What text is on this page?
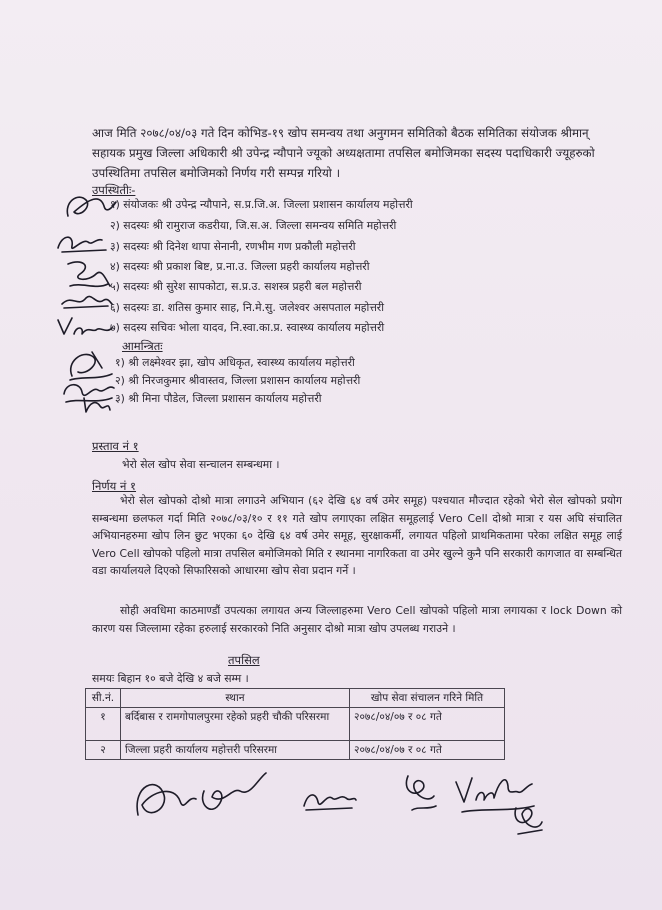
आज मिति २०७८/०४/०३ गते दिन कोभिड-१९ खोप समन्वय तथा अनुगमन समितिको बैठक समितिका संयोजक श्रीमान् सहायक प्रमुख जिल्ला अधिकारी श्री उपेन्द्र न्यौपाने ज्यूको अध्यक्षतामा तपसिल बमोजिमका सदस्य पदाधिकारी ज्यूहरुको उपस्थितिमा तपसिल बमोजिमको निर्णय गरी सम्पन्न गरियो ।
उपस्थितीः-
१) संयोजकः श्री उपेन्द्र न्यौपाने, स.प्र.जि.अ. जिल्ला प्रशासन कार्यालय महोत्तरी
२) सदस्यः श्री रामुराज कडरीया, जि.स.अ. जिल्ला समन्वय समिति महोत्तरी
३) सदस्यः श्री दिनेश थापा सेनानी, रणभीम गण प्रकौली महोत्तरी
४) सदस्यः श्री प्रकाश बिष्ट, प्र.ना.उ. जिल्ला प्रहरी कार्यालय महोत्तरी
५) सदस्यः श्री सुरेश सापकोटा, स.प्र.उ. सशस्त्र प्रहरी बल महोत्तरी
६) सदस्यः डा. शतिस कुमार साह, नि.मे.सु. जलेश्वर असपताल महोत्तरी
७) सदस्य सचिवः भोला यादव, नि.स्वा.का.प्र. स्वास्थ्य कार्यालय महोत्तरी
आमन्त्रितः
१) श्री लक्ष्मेश्वर झा, खोप अधिकृत, स्वास्थ्य कार्यालय महोत्तरी
२) श्री निरजकुमार श्रीवास्तव, जिल्ला प्रशासन कार्यालय महोत्तरी
३) श्री मिना पौडेल, जिल्ला प्रशासन कार्यालय महोत्तरी
प्रस्ताव नं १
भेरो सेल खोप सेवा सन्चालन सम्बन्धमा ।
निर्णय नं १
भेरो सेल खोपको दोश्रो मात्रा लगाउने अभियान (६२ देखि ६४ वर्ष उमेर समूह) पश्चयात मौज्दात रहेको भेरो सेल खोपको प्रयोग सम्बन्धमा छलफल गर्दा मिति २०७८/०३/१० र ११ गते खोप लगाएका लक्षित समूहलाई Vero Cell दोश्रो मात्रा र यस अघि संचालित अभियानहरुमा खोप लिन छुट भएका ६० देखि ६४ वर्ष उमेर समूह, सुरक्षाकर्मी, लगायत पहिलो प्राथमिकतामा परेका लक्षित समूह लाई Vero Cell खोपको पहिलो मात्रा तपसिल बमोजिमको मिति र स्थानमा नागरिकता वा उमेर खुल्ने कुनै पनि सरकारी कागजात वा सम्बन्धित वडा कार्यालयले दिएको सिफारिसको आधारमा खोप सेवा प्रदान गर्ने ।
सोही अवधिमा काठमाण्डौं उपत्यका लगायत अन्य जिल्लाहरुमा Vero Cell खोपको पहिलो मात्रा लगायका र lock Down को कारण यस जिल्लामा रहेका हरुलाई सरकारको निति अनुसार दोश्रो मात्रा खोप उपलब्ध गराउने ।
तपसिल
समयः बिहान १० बजे देखि ४ बजे सम्म ।
सी.नं.	स्थान	खोप सेवा संचालन गरिने मिति
१	बर्दिबास र रामगोपालपुरमा रहेको प्रहरी चौकी परिसरमा	२०७८/०४/०७ र ०८ गते
२	जिल्ला प्रहरी कार्यालय महोत्तरी परिसरमा	२०७८/०४/०७ र ०८ गते
